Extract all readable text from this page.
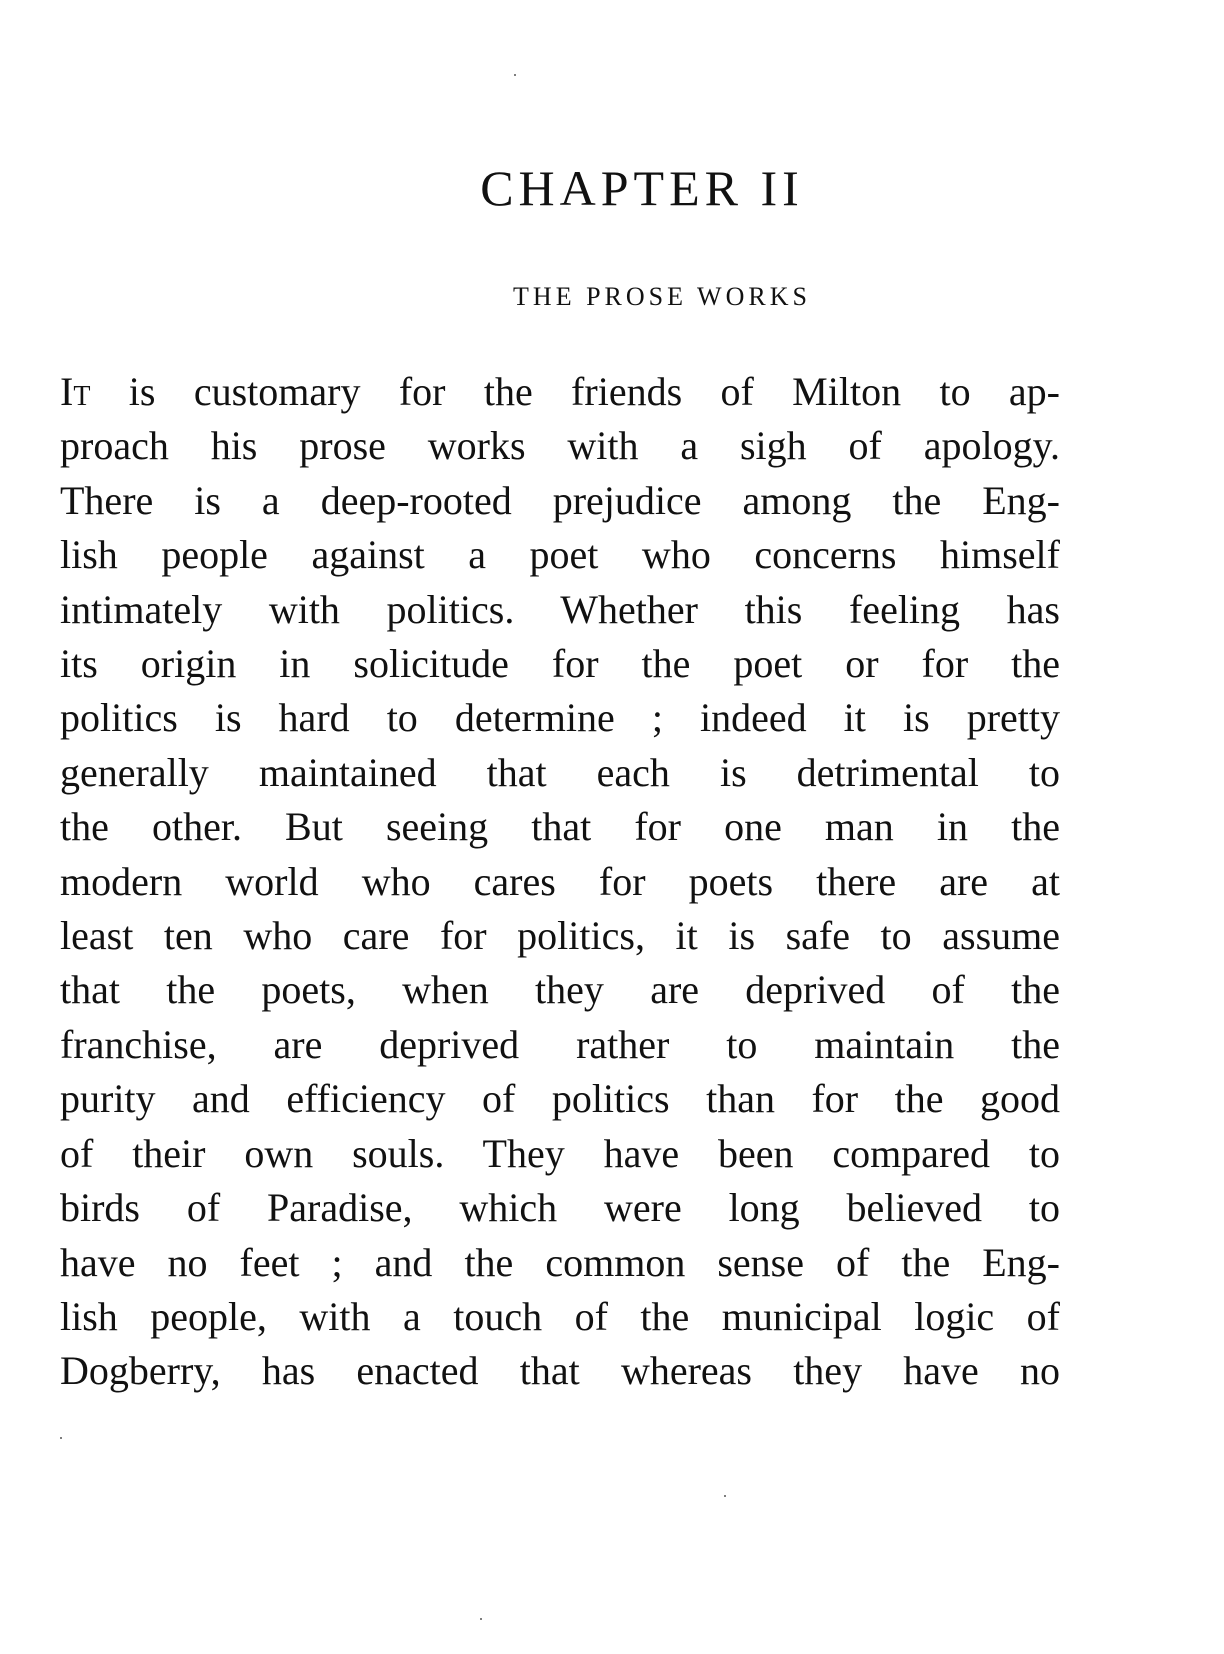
CHAPTER II
THE PROSE WORKS
It is customary for the friends of Milton to ap-
proach his prose works with a sigh of apology.
There is a deep-rooted prejudice among the Eng-
lish people against a poet who concerns himself
intimately with politics. Whether this feeling has
its origin in solicitude for the poet or for the
politics is hard to determine ; indeed it is pretty
generally maintained that each is detrimental to
the other. But seeing that for one man in the
modern world who cares for poets there are at
least ten who care for politics, it is safe to assume
that the poets, when they are deprived of the
franchise, are deprived rather to maintain the
purity and efficiency of politics than for the good
of their own souls. They have been compared to
birds of Paradise, which were long believed to
have no feet ; and the common sense of the Eng-
lish people, with a touch of the municipal logic of
Dogberry, has enacted that whereas they have no
